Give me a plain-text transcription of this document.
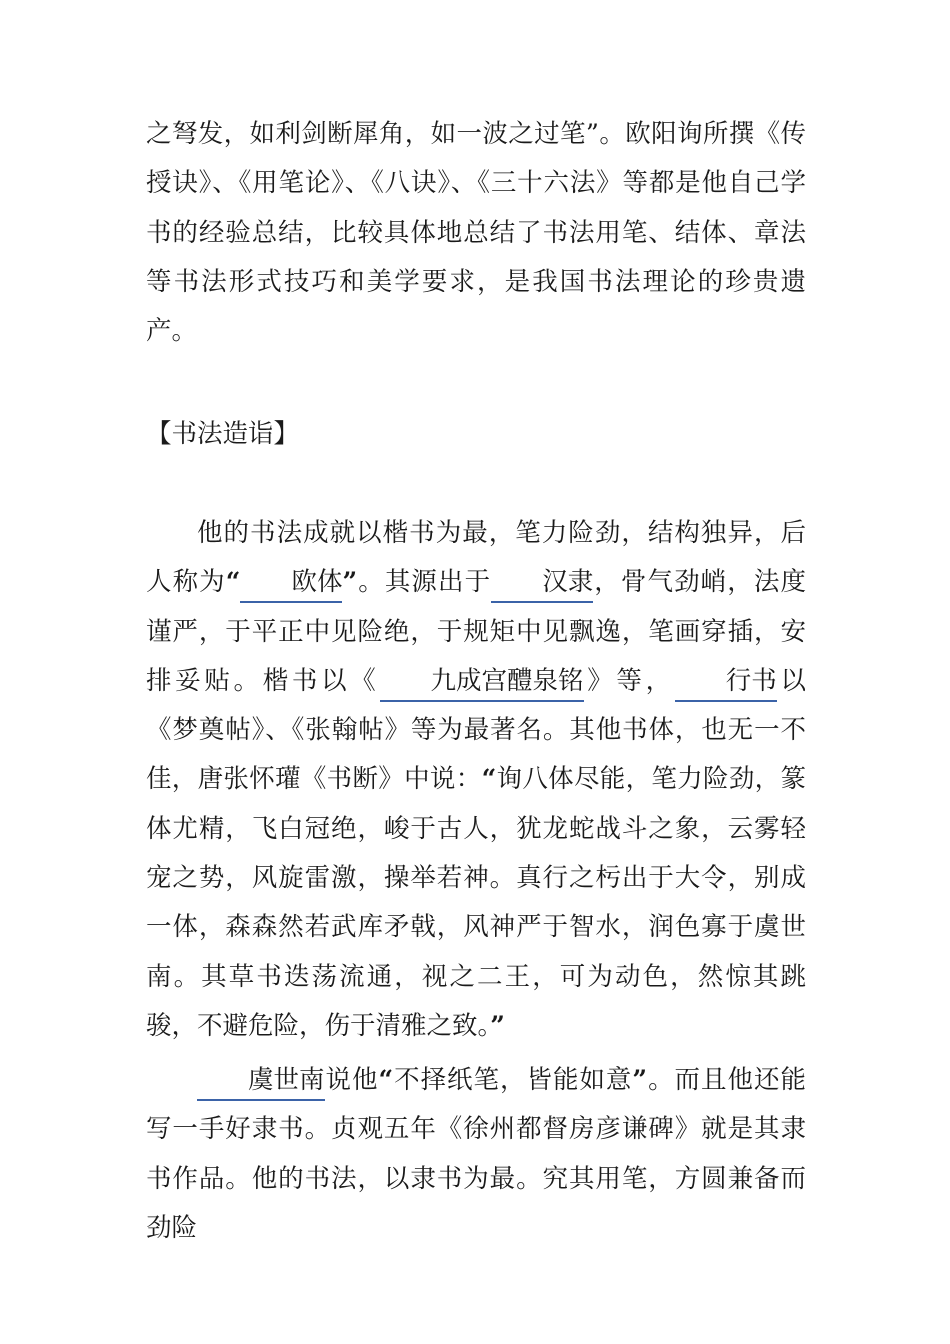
之弩发，如利剑断犀角，如一波之过笔”。欧阳询所撰《传授诀》、《用笔论》、《八诀》、《三十六法》等都是他自己学书的经验总结，比较具体地总结了书法用笔、结体、章法等书法形式技巧和美学要求，是我国书法理论的珍贵遗产。

【书法造诣】

他的书法成就以楷书为最，笔力险劲，结构独异，后人称为“ 欧体”。其源出于 汉隶，骨气劲峭，法度谨严，于平正中见险绝，于规矩中见飘逸，笔画穿插，安排妥贴。楷书以《 九成宫醴泉铭》等， 行书以《梦奠帖》、《张翰帖》等为最著名。其他书体，也无一不佳，唐张怀瓘《书断》中说：“询八体尽能，笔力险劲，篆体尤精，飞白冠绝，峻于古人，犹龙蛇战斗之象，云雾轻宠之势，风旋雷激，操举若神。真行之杇出于大令，别成一体，森森然若武库矛戟，风神严于智水，润色寡于虞世南。其草书迭荡流通，视之二王，可为动色，然惊其跳骏，不避危险，伤于清雅之致。”

虞世南说他“不择纸笔，皆能如意”。而且他还能写一手好隶书。贞观五年《徐州都督房彦谦碑》就是其隶书作品。他的书法，以隶书为最。究其用笔，方圆兼备而劲险
